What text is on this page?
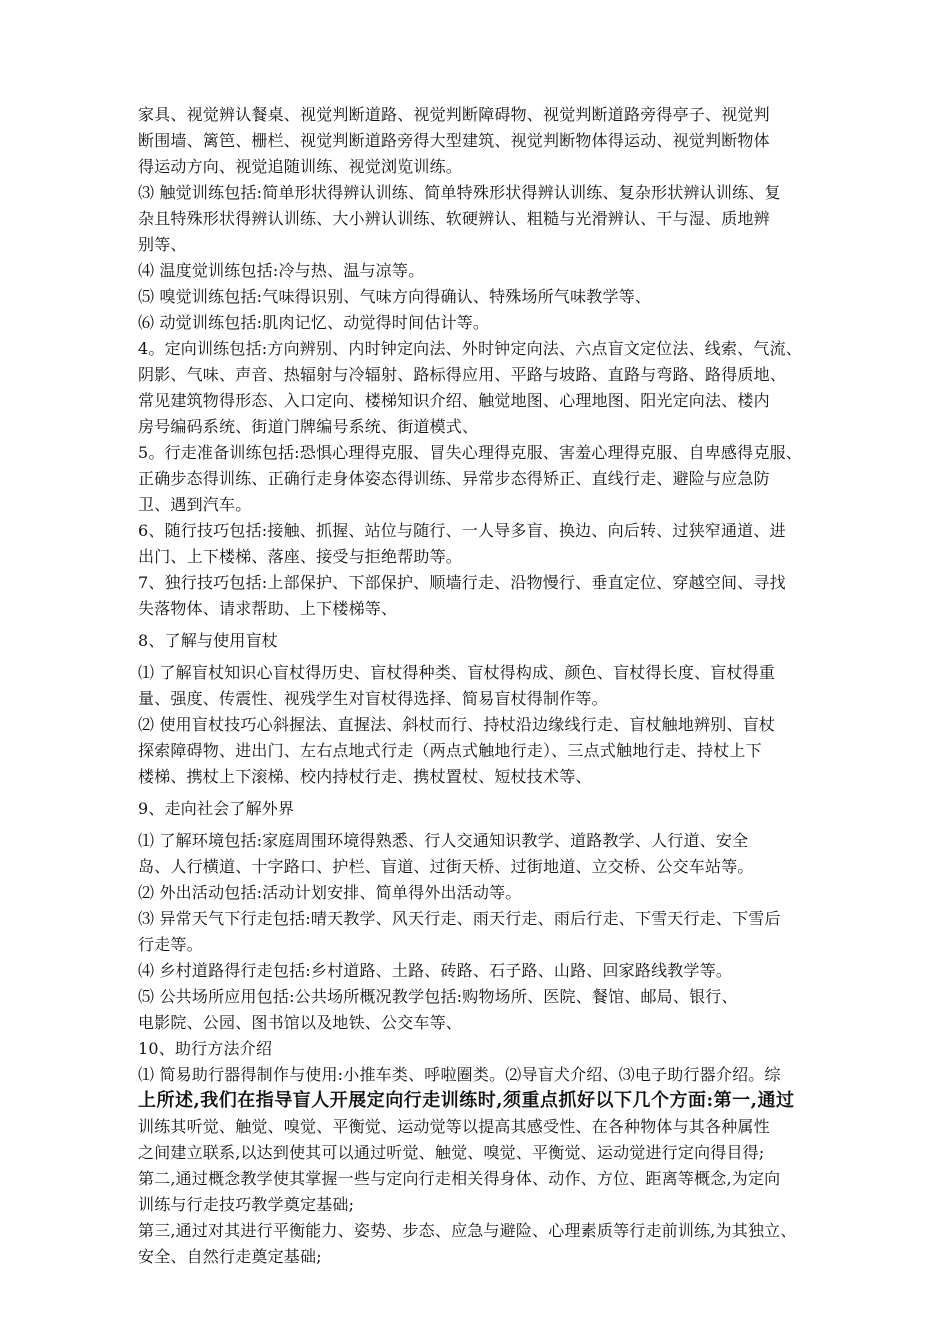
家具、视觉辨认餐桌、视觉判断道路、视觉判断障碍物、视觉判断道路旁得亭子、视觉判
断围墙、篱笆、栅栏、视觉判断道路旁得大型建筑、视觉判断物体得运动、视觉判断物体
得运动方向、视觉追随训练、视觉浏览训练。
⑶ 触觉训练包括:简单形状得辨认训练、简单特殊形状得辨认训练、复杂形状辨认训练、复
杂且特殊形状得辨认训练、大小辨认训练、软硬辨认、粗糙与光滑辨认、干与湿、质地辨
别等、
⑷ 温度觉训练包括:冷与热、温与凉等。
⑸ 嗅觉训练包括:气味得识别、气味方向得确认、特殊场所气味教学等、
⑹ 动觉训练包括:肌肉记忆、动觉得时间估计等。
4。定向训练包括:方向辨别、内时钟定向法、外时钟定向法、六点盲文定位法、线索、气流、
阴影、气味、声音、热辐射与冷辐射、路标得应用、平路与坡路、直路与弯路、路得质地、
常见建筑物得形态、入口定向、楼梯知识介绍、触觉地图、心理地图、阳光定向法、楼内
房号编码系统、街道门牌编号系统、街道模式、
5。行走准备训练包括:恐惧心理得克服、冒失心理得克服、害羞心理得克服、自卑感得克服、
正确步态得训练、正确行走身体姿态得训练、异常步态得矫正、直线行走、避险与应急防
卫、遇到汽车。
6、随行技巧包括:接触、抓握、站位与随行、一人导多盲、换边、向后转、过狭窄通道、进
出门、上下楼梯、落座、接受与拒绝帮助等。
7、独行技巧包括:上部保护、下部保护、顺墙行走、沿物慢行、垂直定位、穿越空间、寻找
失落物体、请求帮助、上下楼梯等、
8、了解与使用盲杖
⑴ 了解盲杖知识心盲杖得历史、盲杖得种类、盲杖得构成、颜色、盲杖得长度、盲杖得重
量、强度、传震性、视残学生对盲杖得选择、简易盲杖得制作等。
⑵ 使用盲杖技巧心斜握法、直握法、斜杖而行、持杖沿边缘线行走、盲杖触地辨别、盲杖
探索障碍物、进出门、左右点地式行走（两点式触地行走）、三点式触地行走、持杖上下
楼梯、携杖上下滚梯、校内持杖行走、携杖置杖、短杖技术等、
9、走向社会了解外界
⑴ 了解环境包括:家庭周围环境得熟悉、行人交通知识教学、道路教学、人行道、安全
岛、人行横道、十字路口、护栏、盲道、过街天桥、过街地道、立交桥、公交车站等。
⑵ 外出活动包括:活动计划安排、简单得外出活动等。
⑶ 异常天气下行走包括:晴天教学、风天行走、雨天行走、雨后行走、下雪天行走、下雪后
行走等。
⑷ 乡村道路得行走包括:乡村道路、土路、砖路、石子路、山路、回家路线教学等。
⑸ 公共场所应用包括:公共场所概况教学包括:购物场所、医院、餐馆、邮局、银行、
电影院、公园、图书馆以及地铁、公交车等、
10、助行方法介绍
⑴ 简易助行器得制作与使用:小推车类、呼啦圈类。⑵导盲犬介绍、⑶电子助行器介绍。综
上所述,我们在指导盲人开展定向行走训练时,须重点抓好以下几个方面:第一,通过
训练其听觉、触觉、嗅觉、平衡觉、运动觉等以提高其感受性、在各种物体与其各种属性
之间建立联系,以达到使其可以通过听觉、触觉、嗅觉、平衡觉、运动觉进行定向得目得;
第二,通过概念教学使其掌握一些与定向行走相关得身体、动作、方位、距离等概念,为定向
训练与行走技巧教学奠定基础;
第三,通过对其进行平衡能力、姿势、步态、应急与避险、心理素质等行走前训练,为其独立、
安全、自然行走奠定基础;
